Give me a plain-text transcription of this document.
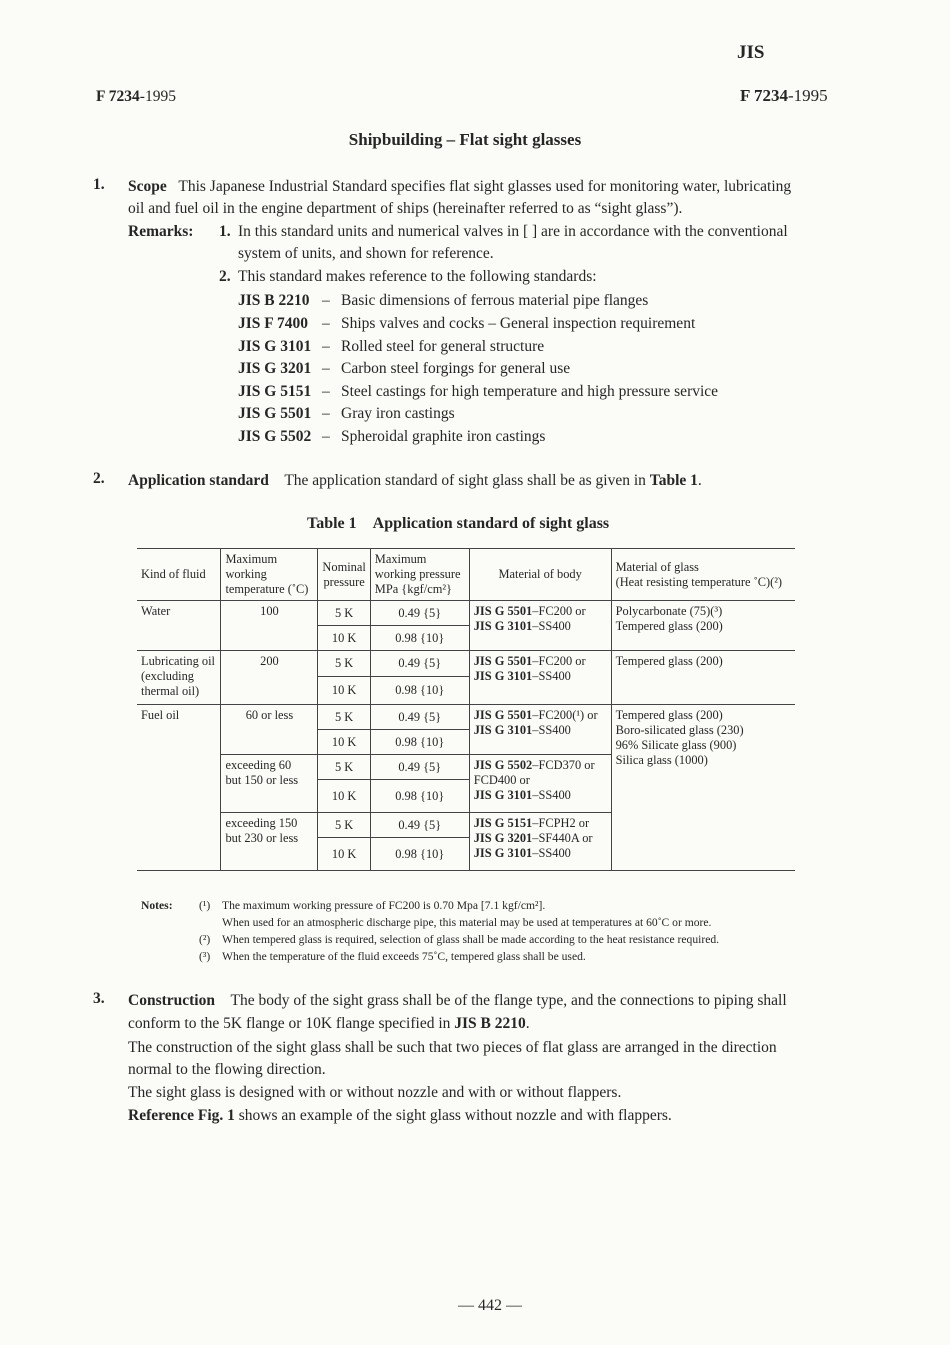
JIS
F 7234-1995	F 7234-1995
Shipbuilding – Flat sight glasses
1. Scope This Japanese Industrial Standard specifies flat sight glasses used for monitoring water, lubricating
oil and fuel oil in the engine department of ships (hereinafter referred to as “sight glass”).
Remarks: 1. In this standard units and numerical valves in [ ] are in accordance with the conventional
system of units, and shown for reference.
2. This standard makes reference to the following standards:
JIS B 2210 – Basic dimensions of ferrous material pipe flanges
JIS F 7400 – Ships valves and cocks – General inspection requirement
JIS G 3101 – Rolled steel for general structure
JIS G 3201 – Carbon steel forgings for general use
JIS G 5151 – Steel castings for high temperature and high pressure service
JIS G 5501 – Gray iron castings
JIS G 5502 – Spheroidal graphite iron castings
2. Application standard The application standard of sight glass shall be as given in Table 1.
Table 1 Application standard of sight glass
Kind of fluid	Maximum
working
temperature (˚C)	Nominal
pressure	Maximum
working pressure
MPa {kgf/cm²}	Material of body	Material of glass
(Heat resisting temperature ˚C)(²)
Water	100	5 K	0.49 {5}	JIS G 5501–FC200 or
JIS G 3101–SS400	Polycarbonate (75)(³)
Tempered glass (200)
		10 K	0.98 {10}		
Lubricating oil
(excluding
thermal oil)	200	5 K	0.49 {5}	JIS G 5501–FC200 or
JIS G 3101–SS400	Tempered glass (200)
		10 K	0.98 {10}		
Fuel oil	60 or less	5 K	0.49 {5}	JIS G 5501–FC200(¹) or
JIS G 3101–SS400	Tempered glass (200)
Boro-silicated glass (230)
96% Silicate glass (900)
Silica glass (1000)
		10 K	0.98 {10}		
	exceeding 60
but 150 or less	5 K	0.49 {5}	JIS G 5502–FCD370 or
FCD400 or
JIS G 3101–SS400	
		10 K	0.98 {10}		
	exceeding 150
but 230 or less	5 K	0.49 {5}	JIS G 5151–FCPH2 or
JIS G 3201–SF440A or
JIS G 3101–SS400	
		10 K	0.98 {10}		
Notes: (¹) The maximum working pressure of FC200 is 0.70 Mpa [7.1 kgf/cm²].
When used for an atmospheric discharge pipe, this material may be used at temperatures at 60˚C or more.
(²) When tempered glass is required, selection of glass shall be made according to the heat resistance required.
(³) When the temperature of the fluid exceeds 75˚C, tempered glass shall be used.
3. Construction The body of the sight grass shall be of the flange type, and the connections to piping shall
conform to the 5K flange or 10K flange specified in JIS B 2210.
The construction of the sight glass shall be such that two pieces of flat glass are arranged in the direction
normal to the flowing direction.
The sight glass is designed with or without nozzle and with or without flappers.
Reference Fig. 1 shows an example of the sight glass without nozzle and with flappers.
— 442 —
